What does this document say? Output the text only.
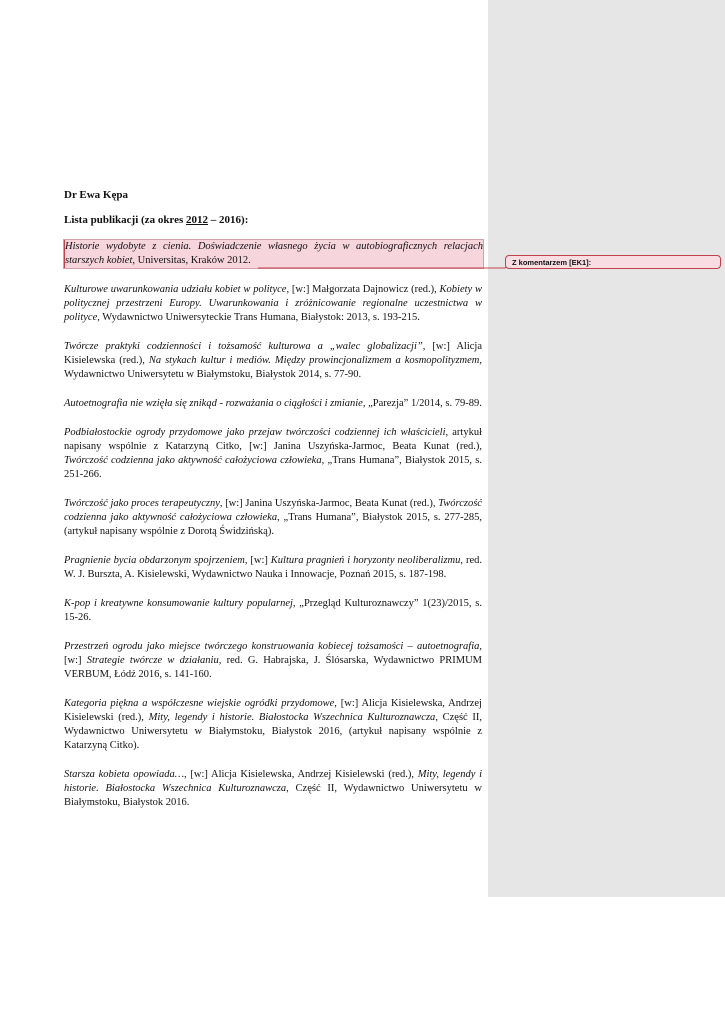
Dr Ewa Kępa
Lista publikacji (za okres 2012 – 2016):

Historie wydobyte z cienia. Doświadczenie własnego życia w autobiograficznych relacjach starszych kobiet, Universitas, Kraków 2012.

Kulturowe uwarunkowania udziału kobiet w polityce, [w:] Małgorzata Dajnowicz (red.), Kobiety w politycznej przestrzeni Europy. Uwarunkowania i zróżnicowanie regionalne uczestnictwa w polityce, Wydawnictwo Uniwersyteckie Trans Humana, Białystok: 2013, s. 193-215.

Twórcze praktyki codzienności i tożsamość kulturowa a „walec globalizacji”, [w:] Alicja Kisielewska (red.), Na stykach kultur i mediów. Między prowincjonalizmem a kosmopolityzmem, Wydawnictwo Uniwersytetu w Białymstoku, Białystok 2014, s. 77-90.

Autoetnografia nie wzięła się znikąd - rozważania o ciągłości i zmianie, „Parezja” 1/2014, s. 79-89.

Podbiałostockie ogrody przydomowe jako przejaw twórczości codziennej ich właścicieli, artykuł napisany wspólnie z Katarzyną Citko, [w:] Janina Uszyńska-Jarmoc, Beata Kunat (red.), Twórczość codzienna jako aktywność całożyciowa człowieka, „Trans Humana”, Białystok 2015, s. 251-266.

Twórczość jako proces terapeutyczny, [w:] Janina Uszyńska-Jarmoc, Beata Kunat (red.), Twórczość codzienna jako aktywność całożyciowa człowieka, „Trans Humana”, Białystok 2015, s. 277-285, (artykuł napisany wspólnie z Dorotą Świdzińską).

Pragnienie bycia obdarzonym spojrzeniem, [w:] Kultura pragnień i horyzonty neoliberalizmu, red. W. J. Burszta, A. Kisielewski, Wydawnictwo Nauka i Innowacje, Poznań 2015, s. 187-198.

K-pop i kreatywne konsumowanie kultury popularnej, „Przegląd Kulturoznawczy” 1(23)/2015, s. 15-26.

Przestrzeń ogrodu jako miejsce twórczego konstruowania kobiecej tożsamości – autoetnografia, [w:] Strategie twórcze w działaniu, red. G. Habrajska, J. Ślósarska, Wydawnictwo PRIMUM VERBUM, Łódź 2016, s. 141-160.

Kategoria piękna a współczesne wiejskie ogródki przydomowe, [w:] Alicja Kisielewska, Andrzej Kisielewski (red.), Mity, legendy i historie. Białostocka Wszechnica Kulturoznawcza, Część II, Wydawnictwo Uniwersytetu w Białymstoku, Białystok 2016, (artykuł napisany wspólnie z Katarzyną Citko).

Starsza kobieta opowiada…, [w:] Alicja Kisielewska, Andrzej Kisielewski (red.), Mity, legendy i historie. Białostocka Wszechnica Kulturoznawcza, Część II, Wydawnictwo Uniwersytetu w Białymstoku, Białystok 2016.

Z komentarzem [EK1]:
